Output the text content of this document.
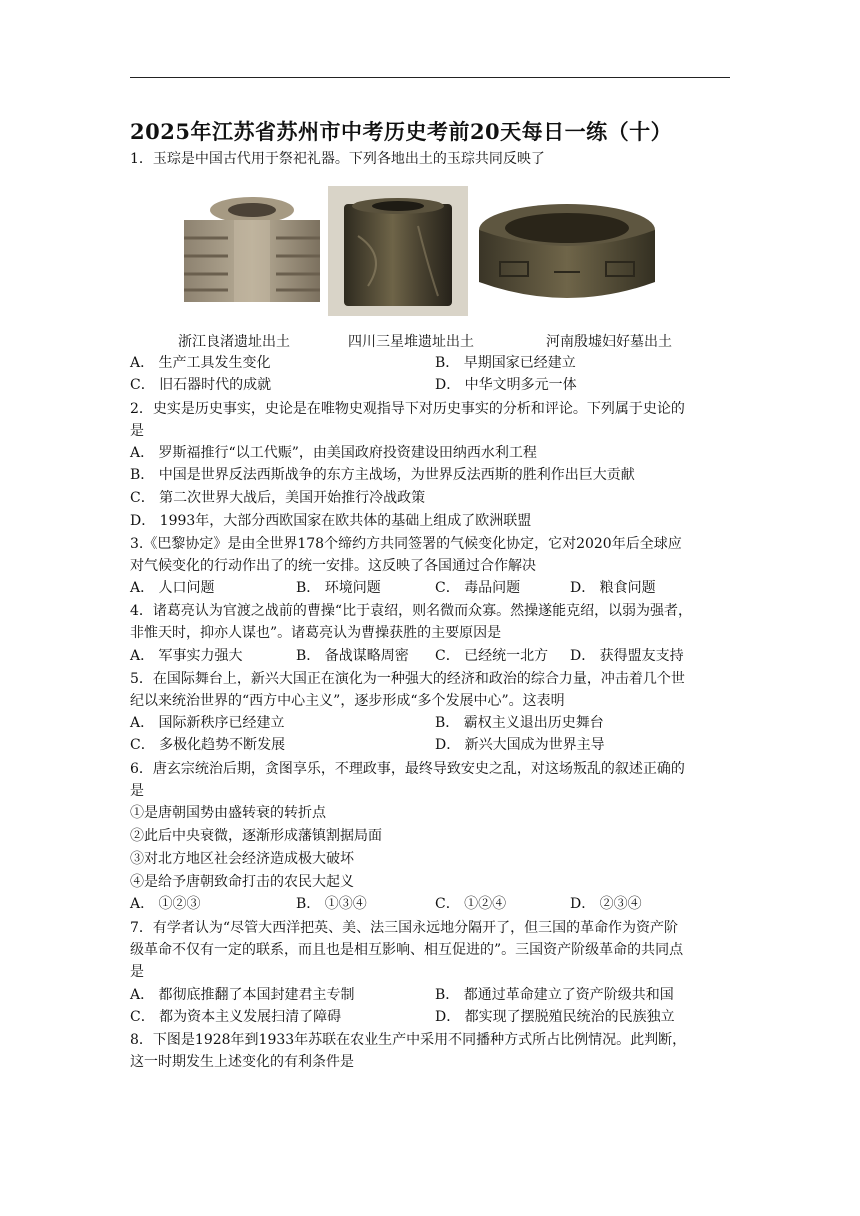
2025年江苏省苏州市中考历史考前20天每日一练（十）
1．玉琮是中国古代用于祭祀礼器。下列各地出土的玉琮共同反映了
浙江良渚遗址出土	四川三星堆遗址出土	河南殷墟妇好墓出土
A． 生产工具发生变化	B． 早期国家已经建立
C． 旧石器时代的成就	D． 中华文明多元一体
2．史实是历史事实，史论是在唯物史观指导下对历史事实的分析和评论。下列属于史论的
是
A． 罗斯福推行“以工代赈”，由美国政府投资建设田纳西水利工程
B． 中国是世界反法西斯战争的东方主战场，为世界反法西斯的胜利作出巨大贡献
C． 第二次世界大战后，美国开始推行冷战政策
D． 1993年，大部分西欧国家在欧共体的基础上组成了欧洲联盟
3.《巴黎协定》是由全世界178个缔约方共同签署的气候变化协定，它对2020年后全球应
对气候变化的行动作出了的统一安排。这反映了各国通过合作解决
A． 人口问题	B． 环境问题	C． 毒品问题	D． 粮食问题
4．诸葛亮认为官渡之战前的曹操“比于袁绍，则名微而众寡。然操遂能克绍，以弱为强者，
非惟天时，抑亦人谋也”。诸葛亮认为曹操获胜的主要原因是
A． 军事实力强大	B． 备战谋略周密 C． 已经统一北方 D． 获得盟友支持
5．在国际舞台上，新兴大国正在演化为一种强大的经济和政治的综合力量，冲击着几个世
纪以来统治世界的“西方中心主义”，逐步形成“多个发展中心”。这表明
A． 国际新秩序已经建立	B． 霸权主义退出历史舞台
C． 多极化趋势不断发展	D． 新兴大国成为世界主导
6．唐玄宗统治后期，贪图享乐，不理政事，最终导致安史之乱，对这场叛乱的叙述正确的
是
①是唐朝国势由盛转衰的转折点
②此后中央衰微，逐渐形成藩镇割据局面
③对北方地区社会经济造成极大破坏
④是给予唐朝致命打击的农民大起义
A． ①②③	B． ①③④	C． ①②④	D． ②③④
7．有学者认为“尽管大西洋把英、美、法三国永远地分隔开了，但三国的革命作为资产阶
级革命不仅有一定的联系，而且也是相互影响、相互促进的”。三国资产阶级革命的共同点
是
A． 都彻底推翻了本国封建君主专制	B． 都通过革命建立了资产阶级共和国
C． 都为资本主义发展扫清了障碍	D． 都实现了摆脱殖民统治的民族独立
8．下图是1928年到1933年苏联在农业生产中采用不同播种方式所占比例情况。此判断，
这一时期发生上述变化的有利条件是
